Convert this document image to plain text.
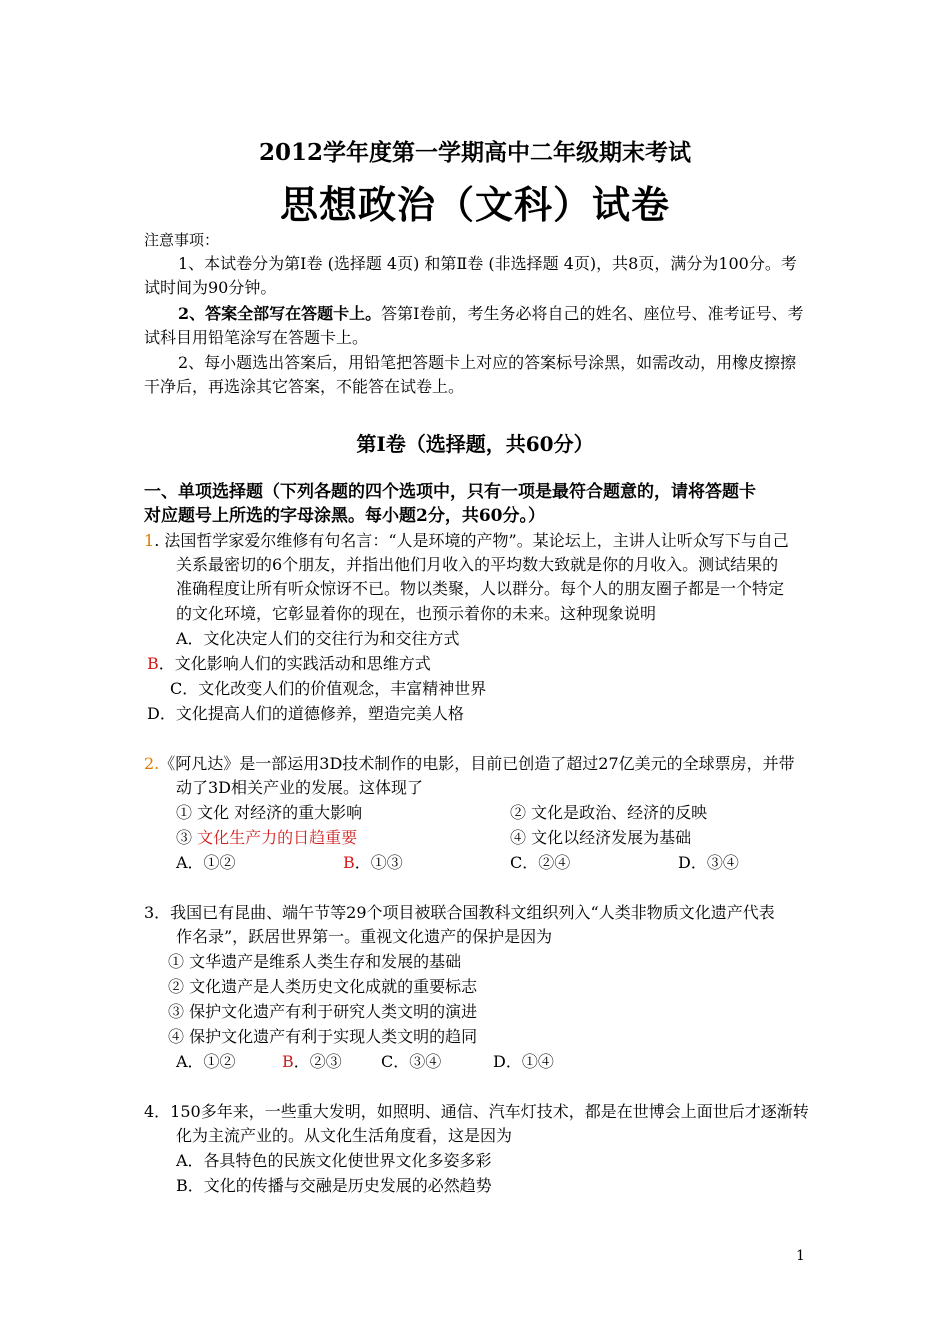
2012学年度第一学期高中二年级期末考试
思想政治（文科）试卷
注意事项：
1、本试卷分为第Ⅰ卷 (选择题 4页) 和第Ⅱ卷 (非选择题 4页)，共8页，满分为100分。考
试时间为90分钟。
2、答案全部写在答题卡上。答第Ⅰ卷前，考生务必将自己的姓名、座位号、准考证号、考
试科目用铅笔涂写在答题卡上。
2、每小题选出答案后，用铅笔把答题卡上对应的答案标号涂黑，如需改动，用橡皮擦擦
干净后，再选涂其它答案，不能答在试卷上。
第Ⅰ卷（选择题，共60分）
一、单项选择题（下列各题的四个选项中，只有一项是最符合题意的，请将答题卡
对应题号上所选的字母涂黑。每小题2分，共60分。）
1. 法国哲学家爱尔维修有句名言：“人是环境的产物”。某论坛上，主讲人让听众写下与自己
关系最密切的6个朋友，并指出他们月收入的平均数大致就是你的月收入。测试结果的
准确程度让所有听众惊讶不已。物以类聚，人以群分。每个人的朋友圈子都是一个特定
的文化环境，它彰显着你的现在，也预示着你的未来。这种现象说明
A．文化决定人们的交往行为和交往方式
B．文化影响人们的实践活动和思维方式
C．文化改变人们的价值观念，丰富精神世界
D．文化提高人们的道德修养，塑造完美人格
2.《阿凡达》是一部运用3D技术制作的电影，目前已创造了超过27亿美元的全球票房，并带
动了3D相关产业的发展。这体现了
① 文化 对经济的重大影响	② 文化是政治、经济的反映
③ 文化生产力的日趋重要	④ 文化以经济发展为基础
A．①②	B．①③	C．②④	D．③④
3．我国已有昆曲、端午节等29个项目被联合国教科文组织列入“人类非物质文化遗产代表
作名录”，跃居世界第一。重视文化遗产的保护是因为
① 文华遗产是维系人类生存和发展的基础
② 文化遗产是人类历史文化成就的重要标志
③ 保护文化遗产有利于研究人类文明的演进
④ 保护文化遗产有利于实现人类文明的趋同
A．①②	B．②③ C．③④	D．①④
4．150多年来，一些重大发明，如照明、通信、汽车灯技术，都是在世博会上面世后才逐渐转
化为主流产业的。从文化生活角度看，这是因为
A．各具特色的民族文化使世界文化多姿多彩
B．文化的传播与交融是历史发展的必然趋势
1
